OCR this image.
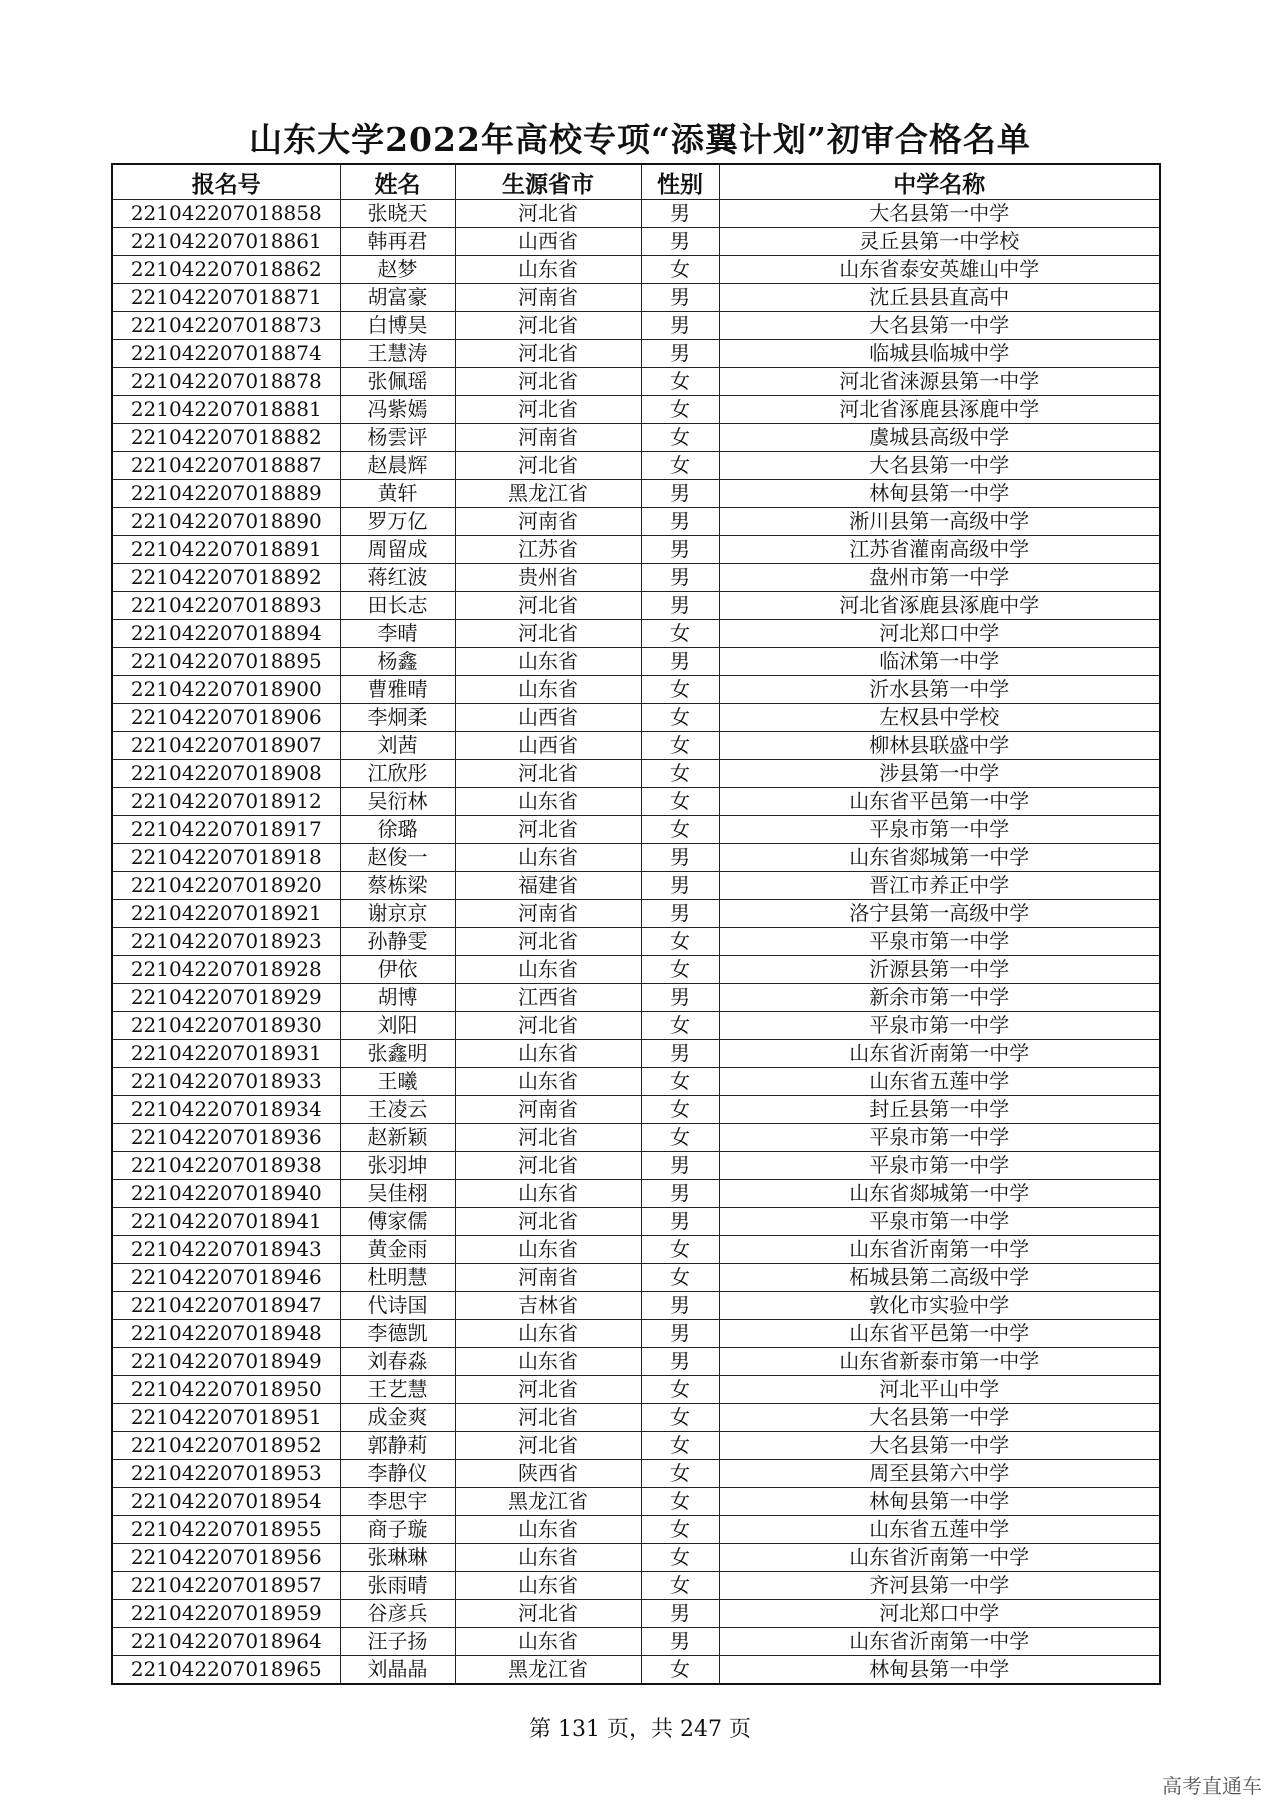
山东大学2022年高校专项“添翼计划”初审合格名单
报名号	姓名	生源省市	性别	中学名称
221042207018858	张晓天	河北省	男	大名县第一中学
221042207018861	韩再君	山西省	男	灵丘县第一中学校
221042207018862	赵梦	山东省	女	山东省泰安英雄山中学
221042207018871	胡富豪	河南省	男	沈丘县县直高中
221042207018873	白博昊	河北省	男	大名县第一中学
221042207018874	王慧涛	河北省	男	临城县临城中学
221042207018878	张佩瑶	河北省	女	河北省涞源县第一中学
221042207018881	冯紫嫣	河北省	女	河北省涿鹿县涿鹿中学
221042207018882	杨雲评	河南省	女	虞城县高级中学
221042207018887	赵晨辉	河北省	女	大名县第一中学
221042207018889	黄轩	黑龙江省	男	林甸县第一中学
221042207018890	罗万亿	河南省	男	淅川县第一高级中学
221042207018891	周留成	江苏省	男	江苏省灌南高级中学
221042207018892	蒋红波	贵州省	男	盘州市第一中学
221042207018893	田长志	河北省	男	河北省涿鹿县涿鹿中学
221042207018894	李晴	河北省	女	河北郑口中学
221042207018895	杨鑫	山东省	男	临沭第一中学
221042207018900	曹雅晴	山东省	女	沂水县第一中学
221042207018906	李炯柔	山西省	女	左权县中学校
221042207018907	刘茜	山西省	女	柳林县联盛中学
221042207018908	江欣彤	河北省	女	涉县第一中学
221042207018912	吴衍林	山东省	女	山东省平邑第一中学
221042207018917	徐璐	河北省	女	平泉市第一中学
221042207018918	赵俊一	山东省	男	山东省郯城第一中学
221042207018920	蔡栋梁	福建省	男	晋江市养正中学
221042207018921	谢京京	河南省	男	洛宁县第一高级中学
221042207018923	孙静雯	河北省	女	平泉市第一中学
221042207018928	伊依	山东省	女	沂源县第一中学
221042207018929	胡博	江西省	男	新余市第一中学
221042207018930	刘阳	河北省	女	平泉市第一中学
221042207018931	张鑫明	山东省	男	山东省沂南第一中学
221042207018933	王曦	山东省	女	山东省五莲中学
221042207018934	王凌云	河南省	女	封丘县第一中学
221042207018936	赵新颖	河北省	女	平泉市第一中学
221042207018938	张羽坤	河北省	男	平泉市第一中学
221042207018940	吴佳栩	山东省	男	山东省郯城第一中学
221042207018941	傅家儒	河北省	男	平泉市第一中学
221042207018943	黄金雨	山东省	女	山东省沂南第一中学
221042207018946	杜明慧	河南省	女	柘城县第二高级中学
221042207018947	代诗国	吉林省	男	敦化市实验中学
221042207018948	李德凯	山东省	男	山东省平邑第一中学
221042207018949	刘春淼	山东省	男	山东省新泰市第一中学
221042207018950	王艺慧	河北省	女	河北平山中学
221042207018951	成金爽	河北省	女	大名县第一中学
221042207018952	郭静莉	河北省	女	大名县第一中学
221042207018953	李静仪	陕西省	女	周至县第六中学
221042207018954	李思宇	黑龙江省	女	林甸县第一中学
221042207018955	商子璇	山东省	女	山东省五莲中学
221042207018956	张琳琳	山东省	女	山东省沂南第一中学
221042207018957	张雨晴	山东省	女	齐河县第一中学
221042207018959	谷彦兵	河北省	男	河北郑口中学
221042207018964	汪子扬	山东省	男	山东省沂南第一中学
221042207018965	刘晶晶	黑龙江省	女	林甸县第一中学
第 131 页，共 247 页
高考直通车
